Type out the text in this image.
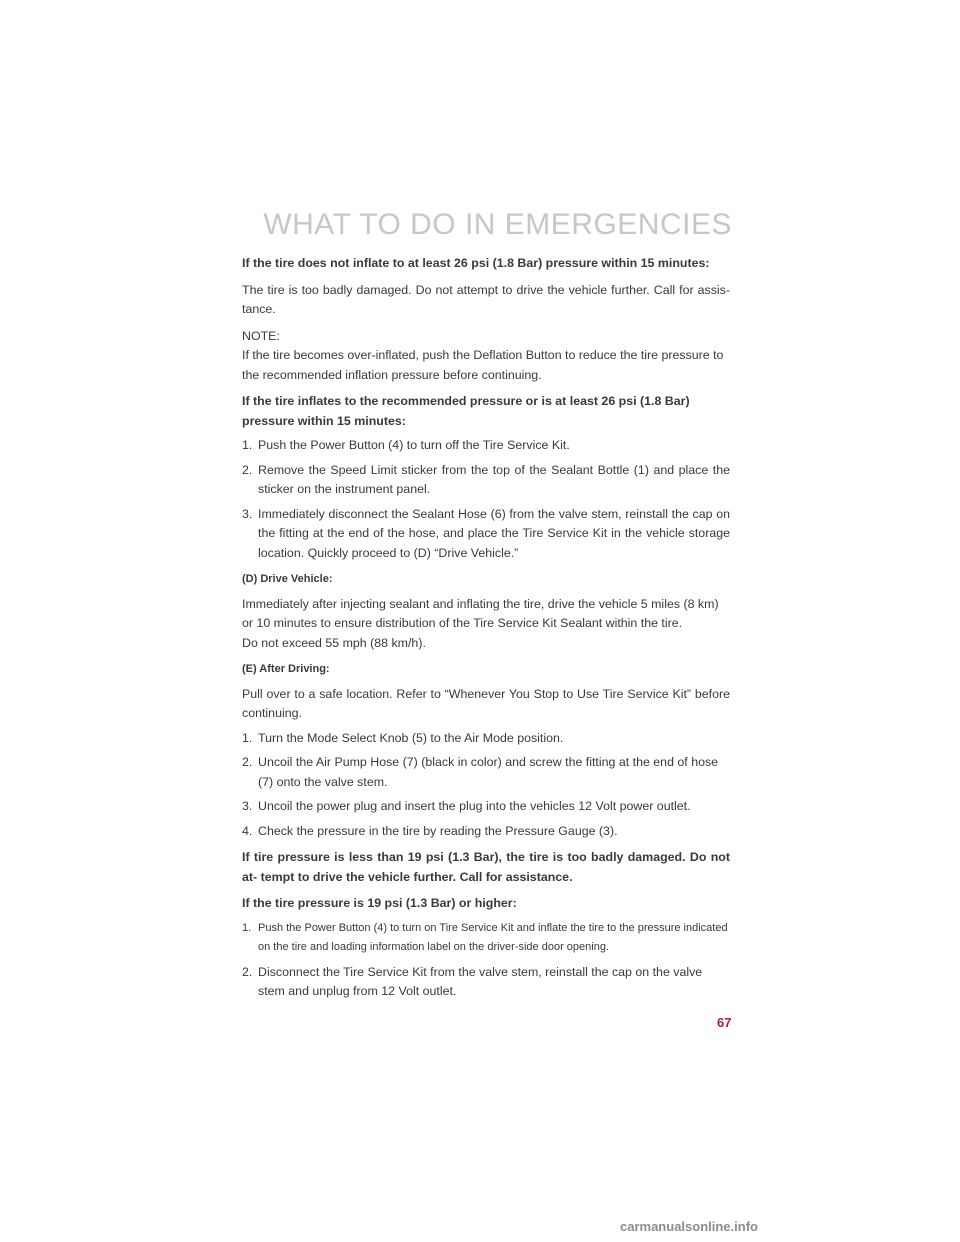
WHAT TO DO IN EMERGENCIES

If the tire does not inflate to at least 26 psi (1.8 Bar) pressure within 15 minutes:

The tire is too badly damaged. Do not attempt to drive the vehicle further. Call for assis- tance.

NOTE:

If the tire becomes over-inflated, push the Deflation Button to reduce the tire pressure to the recommended inflation pressure before continuing.

If the tire inflates to the recommended pressure or is at least 26 psi (1.8 Bar) pressure within 15 minutes:

1. Push the Power Button (4) to turn off the Tire Service Kit.
2. Remove the Speed Limit sticker from the top of the Sealant Bottle (1) and place the sticker on the instrument panel.
3. Immediately disconnect the Sealant Hose (6) from the valve stem, reinstall the cap on the fitting at the end of the hose, and place the Tire Service Kit in the vehicle storage location. Quickly proceed to (D) “Drive Vehicle.”

(D) Drive Vehicle:

Immediately after injecting sealant and inflating the tire, drive the vehicle 5 miles (8 km) or 10 minutes to ensure distribution of the Tire Service Kit Sealant within the tire.

Do not exceed 55 mph (88 km/h).

(E) After Driving:

Pull over to a safe location. Refer to “Whenever You Stop to Use Tire Service Kit” before continuing.

1. Turn the Mode Select Knob (5) to the Air Mode position.
2. Uncoil the Air Pump Hose (7) (black in color) and screw the fitting at the end of hose (7) onto the valve stem.
3. Uncoil the power plug and insert the plug into the vehicles 12 Volt power outlet.
4. Check the pressure in the tire by reading the Pressure Gauge (3).

If tire pressure is less than 19 psi (1.3 Bar), the tire is too badly damaged. Do not at- tempt to drive the vehicle further. Call for assistance.

If the tire pressure is 19 psi (1.3 Bar) or higher:

1. Push the Power Button (4) to turn on Tire Service Kit and inflate the tire to the pressure indicated on the tire and loading information label on the driver-side door opening.
2. Disconnect the Tire Service Kit from the valve stem, reinstall the cap on the valve stem and unplug from 12 Volt outlet.
67
carmanualsonline.info
